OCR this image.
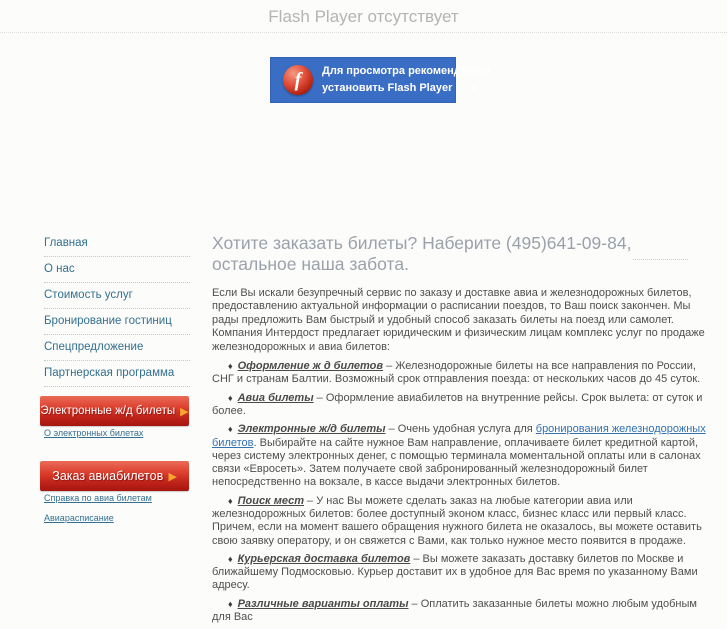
Flash Player отсутствует
f	Для просмотра рекомендуется
установить Flash Player ➤
Главная
О нас
Стоимость услуг
Бронирование гостиниц
Спецпредложение
Партнерская программа
Электронные ж/д билеты ▶
О электронных билетах
Заказ авиабилетов ▶
Справка по авиа билетам
Авиарасписание
Хотите заказать билеты? Наберите (495)641-09-84,
остальное наша забота.

Если Вы искали безупречный сервис по заказу и доставке авиа и железнодорожных билетов, предоставлению актуальной информации о расписании поездов, то Ваш поиск закончен. Мы рады предложить Вам быстрый и удобный способ заказать билеты на поезд или самолет.

Компания Интердост предлагает юридическим и физическим лицам комплекс услуг по продаже железнодорожных и авиа билетов:

♦ Оформление ж д билетов – Железнодорожные билеты на все направления по России, СНГ и странам Балтии. Возможный срок отправления поезда: от нескольких часов до 45 суток.
♦ Авиа билеты – Оформление авиабилетов на внутренние рейсы. Срок вылета: от суток и более.
♦ Электронные ж/д билеты – Очень удобная услуга для бронирования железнодорожных билетов. Выбирайте на сайте нужное Вам направление, оплачиваете билет кредитной картой, через систему электронных денег, с помощью терминала моментальной оплаты или в салонах связи «Евросеть». Затем получаете свой забронированный железнодорожный билет непосредственно на вокзале, в кассе выдачи электронных билетов.
♦ Поиск мест – У нас Вы можете сделать заказ на любые категории авиа или железнодорожных билетов: более доступный эконом класс, бизнес класс или первый класс. Причем, если на момент вашего обращения нужного билета не оказалось, вы можете оставить свою заявку оператору, и он свяжется с Вами, как только нужное место появится в продаже.
♦ Курьерская доставка билетов – Вы можете заказать доставку билетов по Москве и ближайшему Подмосковью. Курьер доставит их в удобное для Вас время по указанному Вами адресу.
♦ Различные варианты оплаты – Оплатить заказанные билеты можно любым удобным для Вас
